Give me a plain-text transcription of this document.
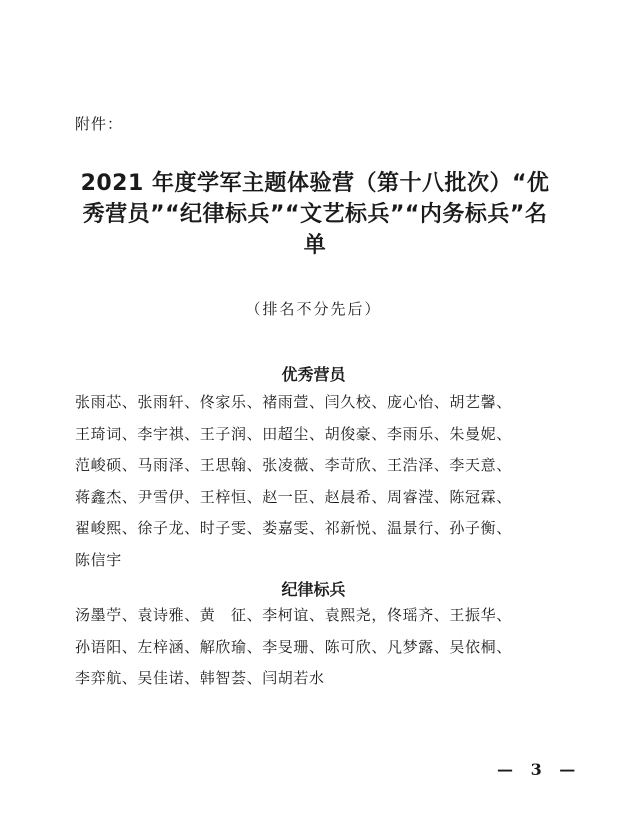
附件：
2021 年度学军主题体验营（第十八批次）“优
秀营员”“纪律标兵”“文艺标兵”“内务标兵”名
单
（排名不分先后）
优秀营员
张雨芯、张雨轩、佟家乐、褚雨萱、闫久校、庞心怡、胡艺馨、
王琦词、李宇祺、王子润、田超尘、胡俊豪、李雨乐、朱曼妮、
范峻硕、马雨泽、王思翰、张凌薇、李苛欣、王浩泽、李天意、
蒋鑫杰、尹雪伊、王梓恒、赵一臣、赵晨希、周睿滢、陈冠霖、
翟峻熙、徐子龙、时子雯、娄嘉雯、祁新悦、温景行、孙子衡、
陈信宇
纪律标兵
汤墨苧、袁诗雅、黄　征、李柯谊、袁熙尧，佟瑶齐、王振华、
孙语阳、左梓涵、解欣瑜、李旻珊、陈可欣、凡梦露、吴依桐、
李弈航、吴佳诺、韩智荟、闫胡若水
— 3 —
